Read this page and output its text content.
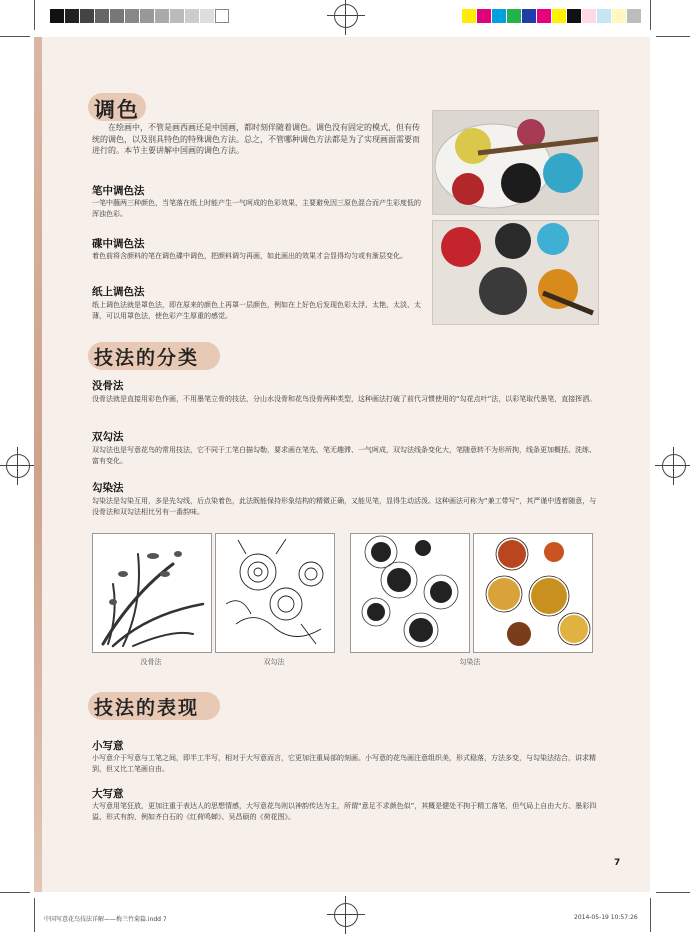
调色
在绘画中，不管是画西画还是中国画，都时刻伴随着调色。调色没有固定的模式，但有传统的调色，以及别具特色的特殊调色方法。总之，不管哪种调色方法都是为了实现画面需要而进行的。本节主要讲解中国画的调色方法。
笔中调色法
一笔中蘸两三种颜色，当笔落在纸上时能产生一气呵成的色彩效果，主要避免因三原色混合而产生彩度低的浑浊色彩。
碟中调色法
着色前将含颜料的笔在调色碟中调色，把颜料调匀再画，如此画出的效果才会显得均匀或有渐层变化。
纸上调色法
纸上调色法就是罩色法，即在原来的颜色上再罩一层颜色，例如在上好色后发现色彩太浮、太艳、太淡、太薄，可以用罩色法，使色彩产生厚重的感觉。
技法的分类
没骨法
没骨法就是直接用彩色作画，不用墨笔立骨的技法，分山水没骨和花鸟没骨两种类型，这种画法打破了前代习惯使用的“勾花点叶”法，以彩笔取代墨笔，直接挥洒。
双勾法
双勾法也是写意花鸟的常用技法，它不同于工笔白描勾勒，要求画在笔先、笔无趣滞、一气呵成，双勾法线条变化大，笔随意转不为形所拘，线条更加概括、洗练、富有变化。
勾染法
勾染法是勾染互用，多是先勾线，后点染着色，此法既能保持形象结构的精微正确，又能见笔，显得生动活泼。这种画法可称为“兼工带写”，其严谨中透着随意，与没骨法和双勾法相比另有一番韵味。
没骨法	双勾法	勾染法
技法的表现
小写意
小写意介于写意与工笔之间，即半工半写，相对于大写意而言，它更加注重局部的刻画。小写意的花鸟画注意组织美，形式稳落，方法多变，与勾染法结合，讲求精到，但又比工笔画自由。
大写意
大写意用笔狂放，更加注重于表达人的思想情感，大写意花鸟则以神韵传达为主，所谓“意足不求颜色似”，其概是健处不拘于精工落笔，但气局上自由大方、墨彩四溢、形式有韵，例如齐白石的《红荷鸣蝉》、吴昌硕的《荷花图》。
7
中国写意花鸟技法详解——梅兰竹菊篇.indd 7	2014-05-19 10:57:26
